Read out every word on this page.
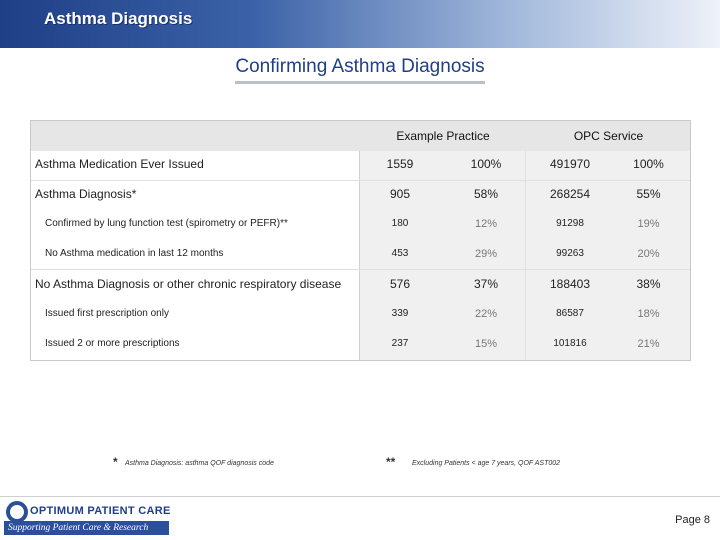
Asthma Diagnosis
Confirming Asthma Diagnosis
Example Practice	OPC Service
Asthma Medication Ever Issued	1559	100%	491970	100%
Asthma Diagnosis*	905	58%	268254	55%
Confirmed by lung function test (spirometry or PEFR)**	180	12%	91298	19%
No Asthma medication in last 12 months	453	29%	99263	20%
No Asthma Diagnosis or other chronic respiratory disease	576	37%	188403	38%
Issued first prescription only	339	22%	86587	18%
Issued 2 or more prescriptions	237	15%	101816	21%
* Asthma Diagnosis: asthma QOF diagnosis code	** Excluding Patients < age 7 years, QOF AST002
OPTIMUM PATIENT CARE
Supporting Patient Care & Research
Page 8
